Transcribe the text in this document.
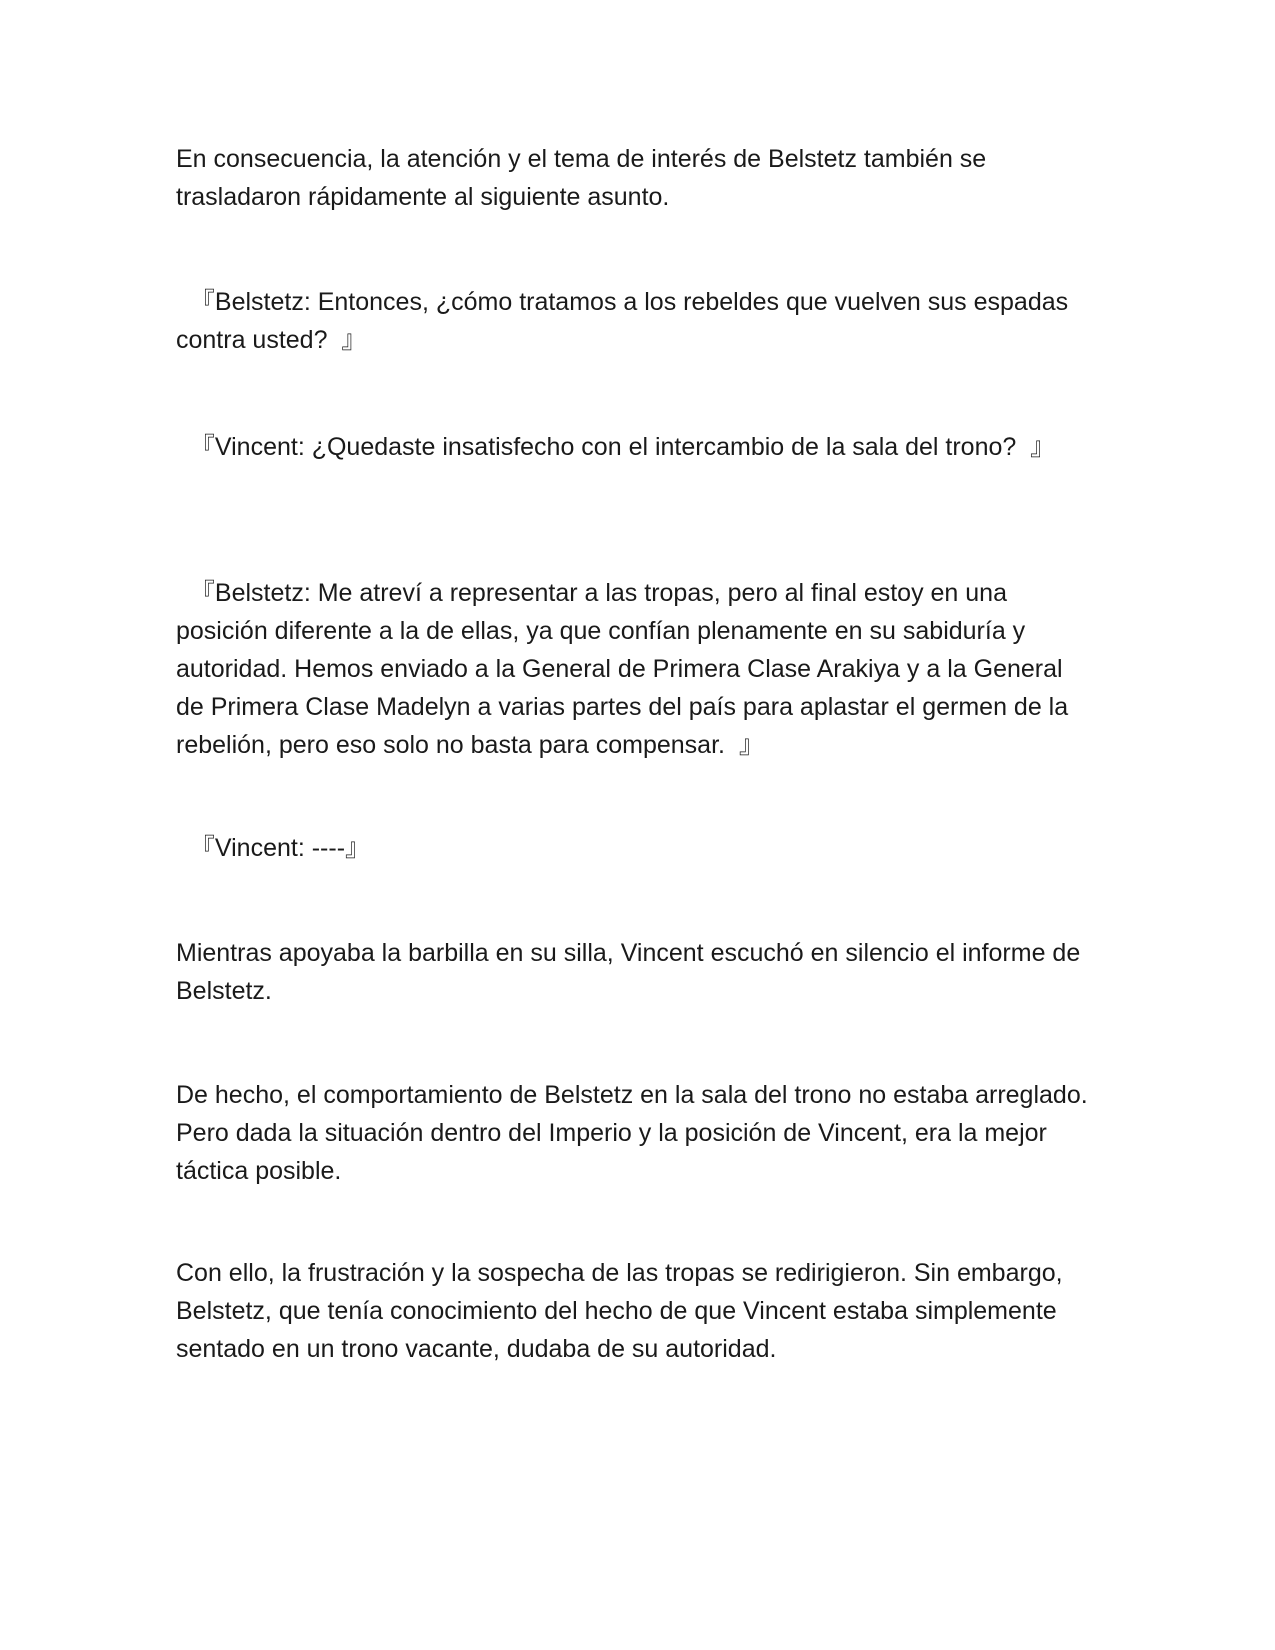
En consecuencia, la atención y el tema de interés de Belstetz también se trasladaron rápidamente al siguiente asunto.

『Belstetz: Entonces, ¿cómo tratamos a los rebeldes que vuelven sus espadas contra usted?  』

『Vincent: ¿Quedaste insatisfecho con el intercambio de la sala del trono?  』

『Belstetz: Me atreví a representar a las tropas, pero al final estoy en una posición diferente a la de ellas, ya que confían plenamente en su sabiduría y autoridad. Hemos enviado a la General de Primera Clase Arakiya y a la General de Primera Clase Madelyn a varias partes del país para aplastar el germen de la rebelión, pero eso solo no basta para compensar.  』

『Vincent: ----』

Mientras apoyaba la barbilla en su silla, Vincent escuchó en silencio el informe de Belstetz.

De hecho, el comportamiento de Belstetz en la sala del trono no estaba arreglado. Pero dada la situación dentro del Imperio y la posición de Vincent, era la mejor táctica posible.

Con ello, la frustración y la sospecha de las tropas se redirigieron. Sin embargo, Belstetz, que tenía conocimiento del hecho de que Vincent estaba simplemente sentado en un trono vacante, dudaba de su autoridad.
